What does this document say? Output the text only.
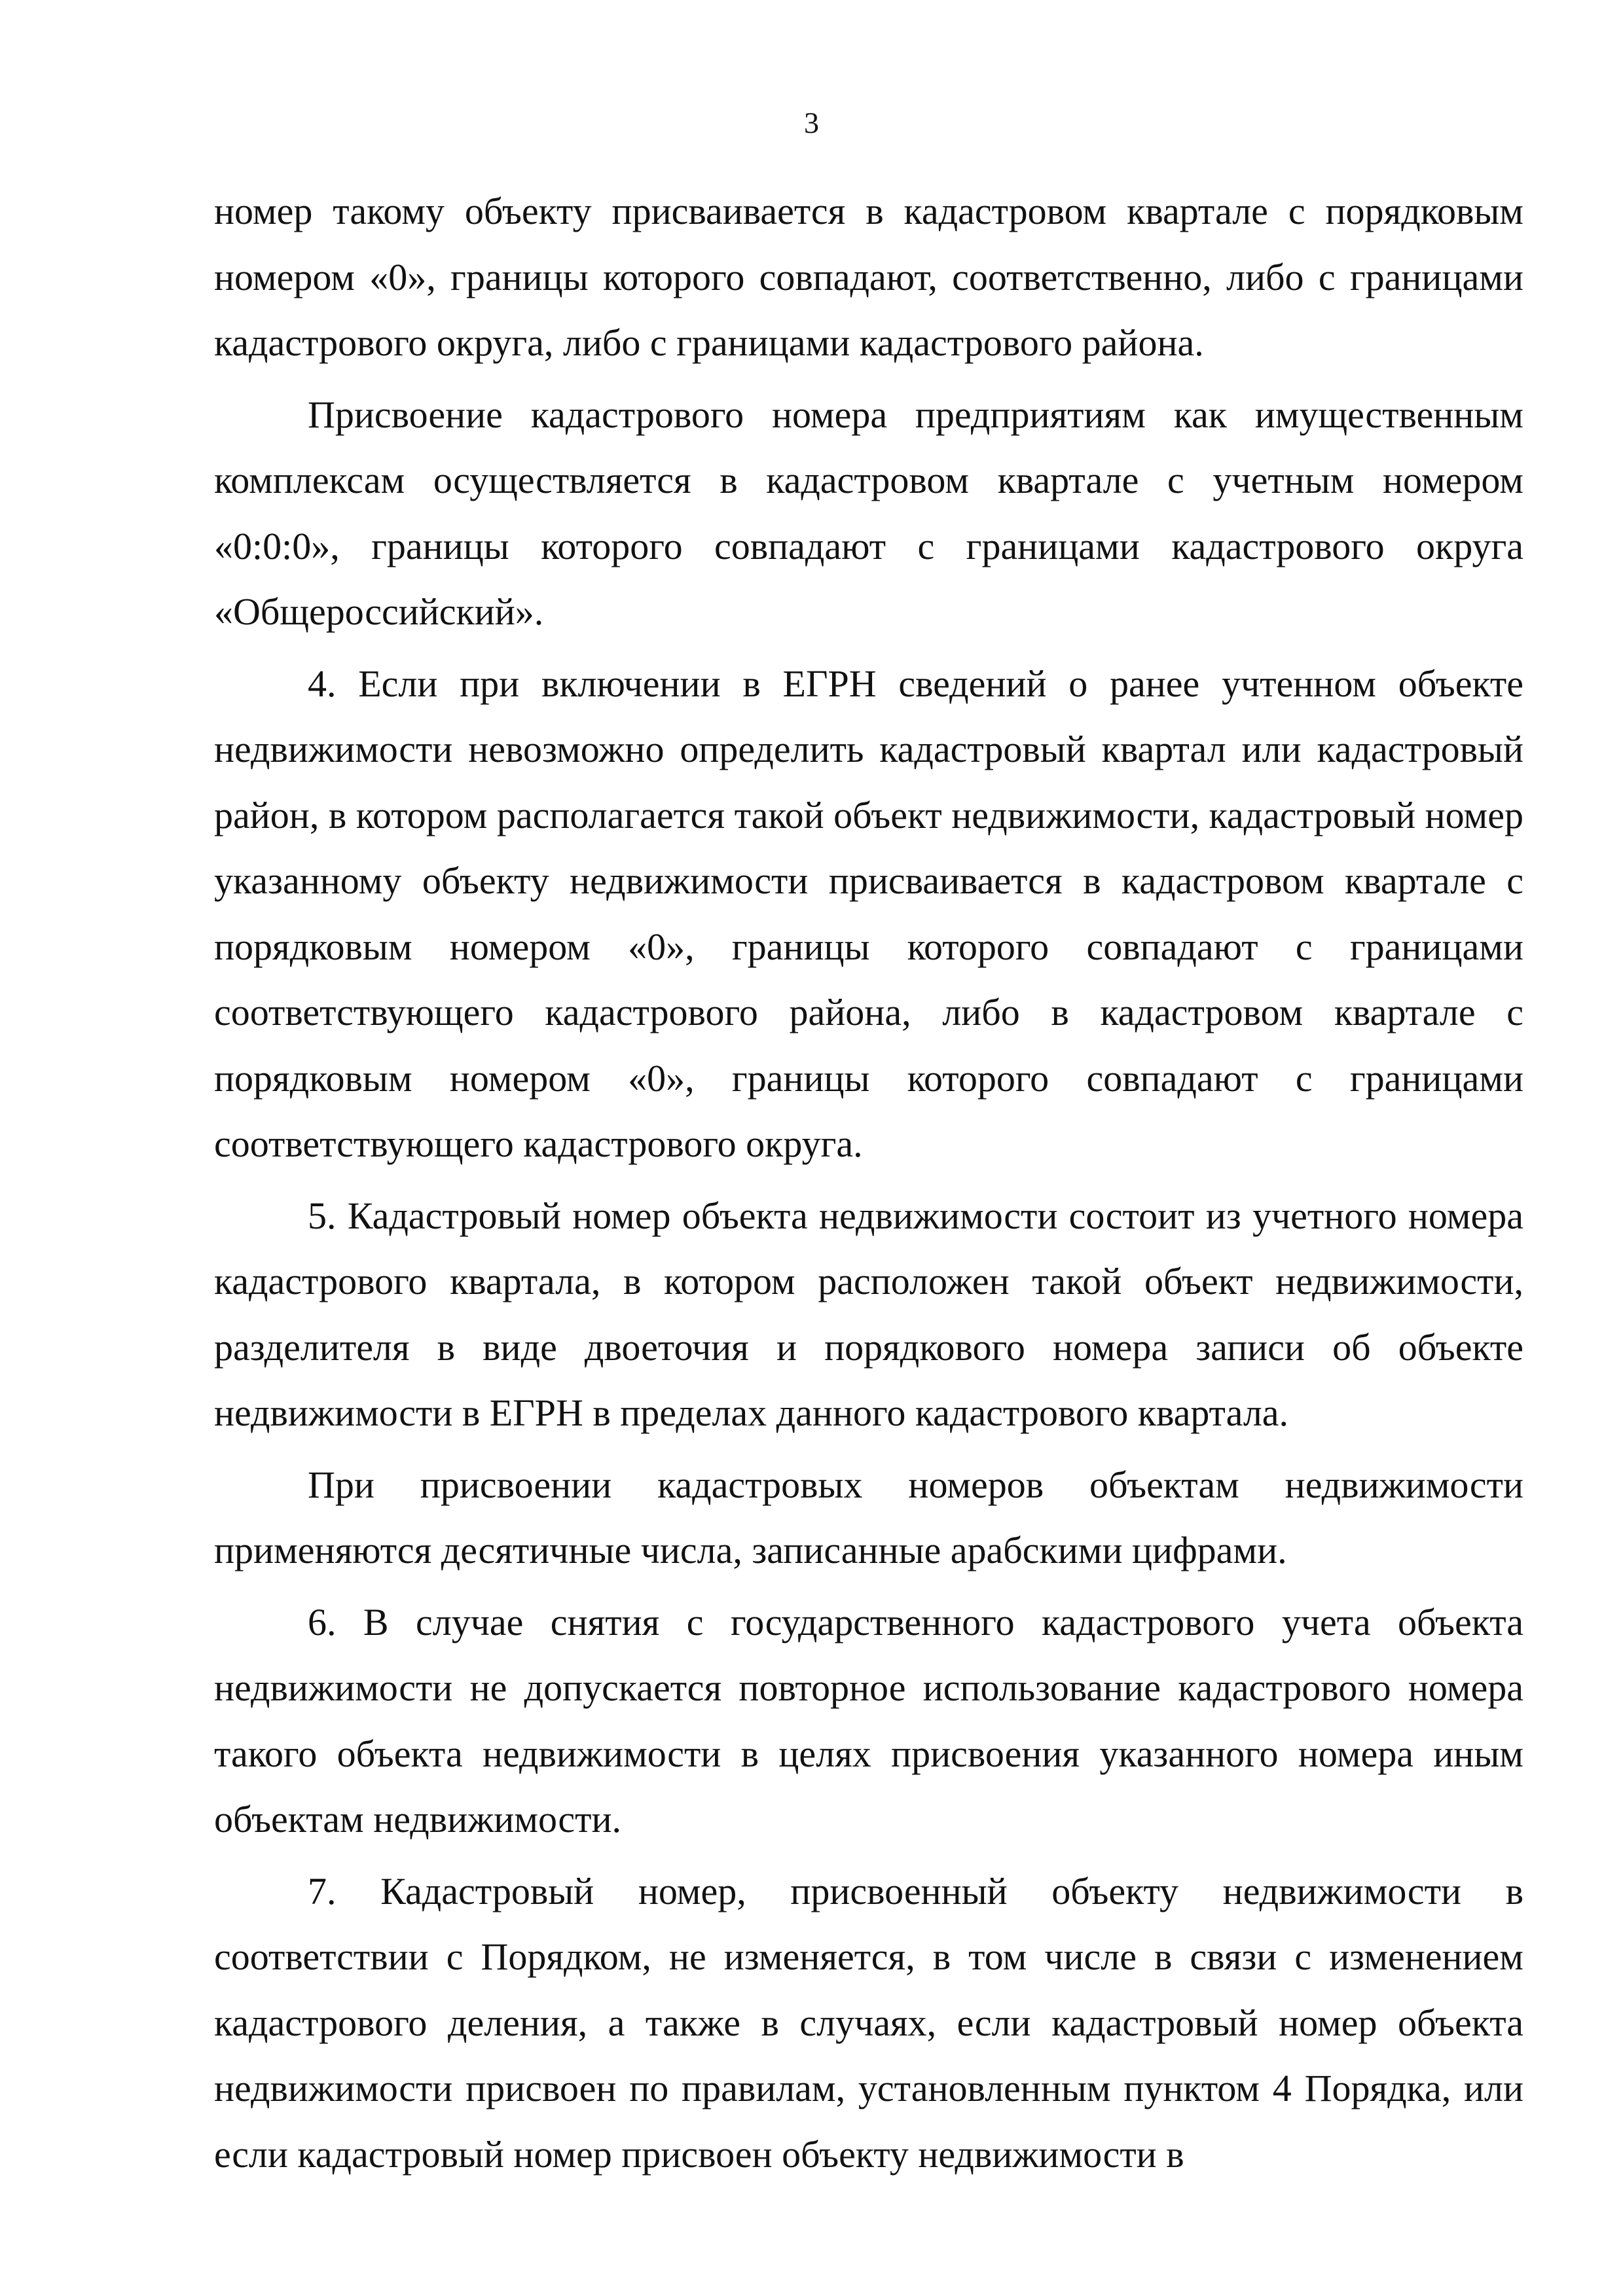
3

номер такому объекту присваивается в кадастровом квартале с порядковым номером «0», границы которого совпадают, соответственно, либо с границами кадастрового округа, либо с границами кадастрового района.

Присвоение кадастрового номера предприятиям как имущественным комплексам осуществляется в кадастровом квартале с учетным номером «0:0:0», границы которого совпадают с границами кадастрового округа «Общероссийский».

4. Если при включении в ЕГРН сведений о ранее учтенном объекте недвижимости невозможно определить кадастровый квартал или кадастровый район, в котором располагается такой объект недвижимости, кадастровый номер указанному объекту недвижимости присваивается в кадастровом квартале с порядковым номером «0», границы которого совпадают с границами соответствующего кадастрового района, либо в кадастровом квартале с порядковым номером «0», границы которого совпадают с границами соответствующего кадастрового округа.

5. Кадастровый номер объекта недвижимости состоит из учетного номера кадастрового квартала, в котором расположен такой объект недвижимости, разделителя в виде двоеточия и порядкового номера записи об объекте недвижимости в ЕГРН в пределах данного кадастрового квартала.

При присвоении кадастровых номеров объектам недвижимости применяются десятичные числа, записанные арабскими цифрами.

6. В случае снятия с государственного кадастрового учета объекта недвижимости не допускается повторное использование кадастрового номера такого объекта недвижимости в целях присвоения указанного номера иным объектам недвижимости.

7. Кадастровый номер, присвоенный объекту недвижимости в соответствии с Порядком, не изменяется, в том числе в связи с изменением кадастрового деления, а также в случаях, если кадастровый номер объекта недвижимости присвоен по правилам, установленным пунктом 4 Порядка, или если кадастровый номер присвоен объекту недвижимости в
